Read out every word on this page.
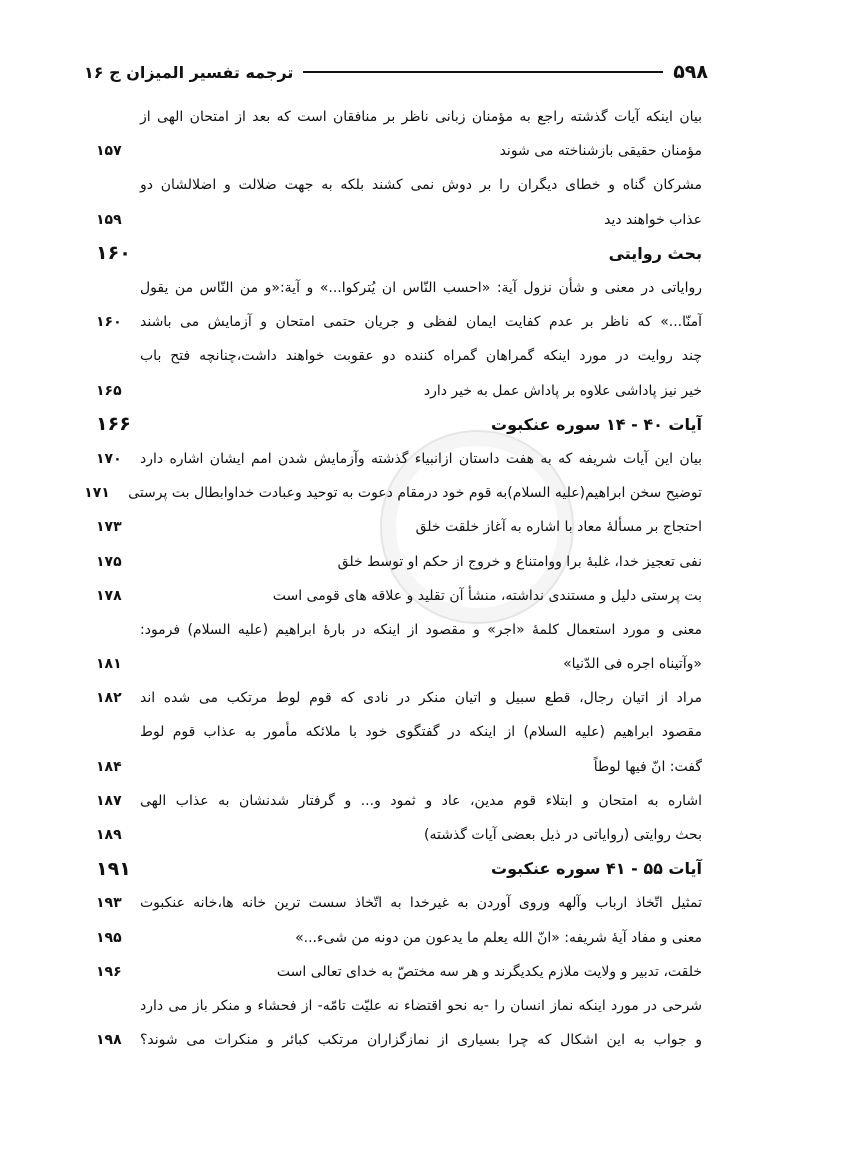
۵۹۸
ترجمه تفسیر المیزان ج ۱۶
بیان اینکه آیات گذشته راجع به مؤمنان زبانی ناظر بر منافقان است که بعد از امتحان الهی از
مؤمنان حقیقی بازشناخته می شوند
۱۵۷
مشرکان گناه و خطای دیگران را بر دوش نمی کشند بلکه به جهت ضلالت و اضلالشان دو
عذاب خواهند دید
۱۵۹
بحث روایتی
۱۶۰
روایاتی در معنی و شأن نزول آیة: «احسب النّاس ان یُترکوا...» و آیة:«و من النّاس من یقول
آمنّا...» که ناظر بر عدم کفایت ایمان لفظی و جریان حتمی امتحان و آزمایش می باشند
۱۶۰
چند روایت در مورد اینکه گمراهان گمراه کننده دو عقوبت خواهند داشت،چنانچه فتح باب
خیر نیز پاداشی علاوه بر پاداش عمل به خیر دارد
۱۶۵
آیات ۴۰ - ۱۴ سوره عنکبوت
۱۶۶
بیان این آیات شریفه که به هفت داستان ازانبیاء گذشته وآزمایش شدن امم ایشان اشاره دارد
۱۷۰
توضیح سخن ابراهیم(علیه السلام)به قوم خود درمقام دعوت به توحید وعبادت خداوابطال بت پرستی
۱۷۱
احتجاج بر مسألهٔ معاد با اشاره به آغاز خلقت خلق
۱۷۳
نفی تعجیز خدا، غلبهٔ برا ووامتناع و خروج از حکم او توسط خلق
۱۷۵
بت پرستی دلیل و مستندی نداشته، منشأ آن تقلید و علاقه های قومی است
۱۷۸
معنی و مورد استعمال کلمهٔ «اجر» و مقصود از اینکه در بارهٔ ابراهیم (علیه السلام) فرمود:
«وآتیناه اجره فی الدّنیا»
۱۸۱
مراد از اتیان رجال، قطع سبیل و اتیان منکر در نادی که قوم لوط مرتکب می شده اند
۱۸۲
مقصود ابراهیم (علیه السلام) از اینکه در گفتگوی خود با ملائکه مأمور به عذاب قوم لوط
گفت: انّ فیها لوطاً
۱۸۴
اشاره به امتحان و ابتلاء قوم مدین، عاد و ثمود و... و گرفتار شدنشان به عذاب الهی
۱۸۷
بحث روایتی (روایاتی در ذیل بعضی آیات گذشته)
۱۸۹
آیات ۵۵ - ۴۱ سوره عنکبوت
۱۹۱
تمثیل اتّخاذ ارباب وآلهه وروی آوردن به غیرخدا به اتّخاذ سست ترین خانه ها،خانه عنکبوت
۱۹۳
معنی و مفاد آیهٔ شریفه: «انّ الله یعلم ما یدعون من دونه من شیء...»
۱۹۵
خلقت، تدبیر و ولایت ملازم یکدیگرند و هر سه مختصّ به خدای تعالی است
۱۹۶
شرحی در مورد اینکه نماز انسان را -به نحو اقتضاء نه علیّت تامّه- از فحشاء و منکر باز می دارد
و جواب به این اشکال که چرا بسیاری از نمازگزاران مرتکب کبائر و منکرات می شوند؟
۱۹۸
